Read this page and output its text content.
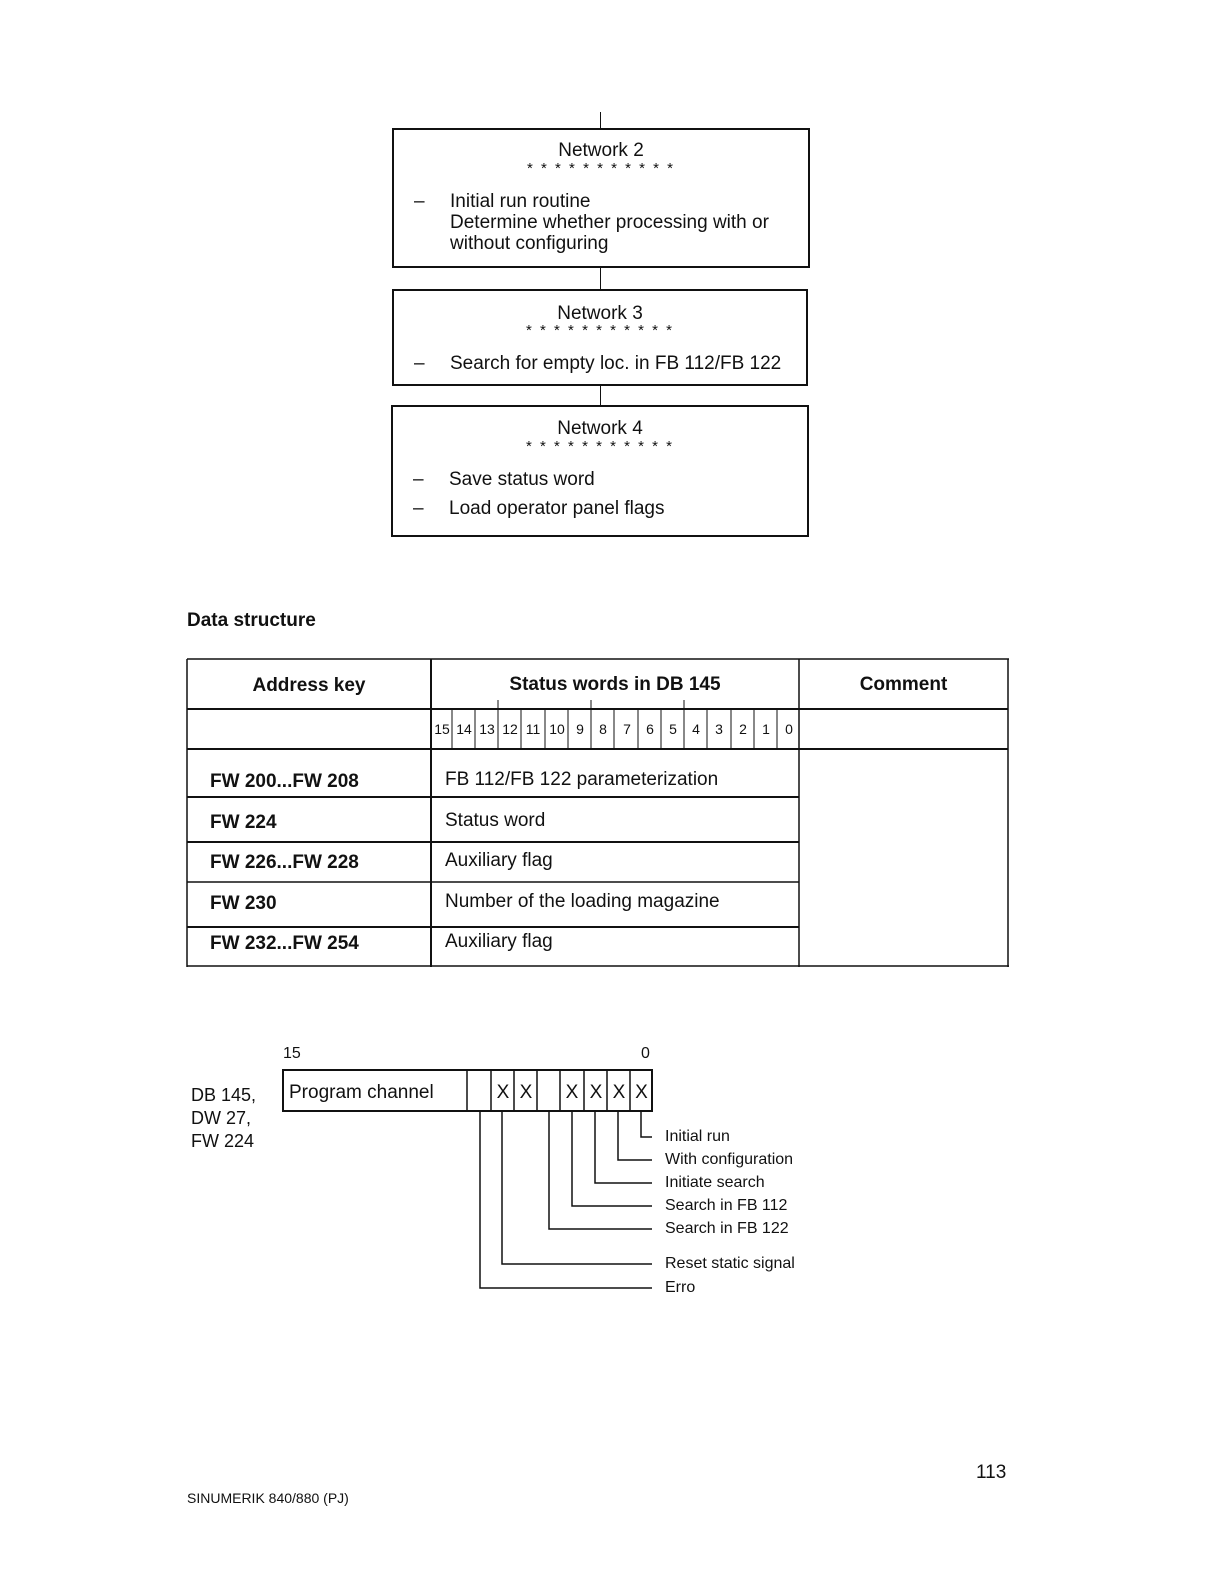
Network 2
* * * * * * * * * * *
– Initial run routine
Determine whether processing with or
without configuring
Network 3
* * * * * * * * * * *
– Search for empty loc. in FB 112/FB 122
Network 4
* * * * * * * * * * *
– Save status word
– Load operator panel flags
Data structure
Address key	Status words in DB 145	Comment
15 14 13 12 11 10 9	8	7	6	5	4	3	2	1	0
FW 200...FW 208	FB 112/FB 122 parameterization
FW 224	Status word
FW 226...FW 228	Auxiliary flag
FW 230	Number of the loading magazine
FW 232...FW 254	Auxiliary flag
DB 145,
DW 27,
FW 224
15	0
Program channel	X X X X X X
Initial run
With configuration
Initiate search
Search in FB 112
Search in FB 122
Reset static signal
Erro
113
SINUMERIK 840/880 (PJ)
